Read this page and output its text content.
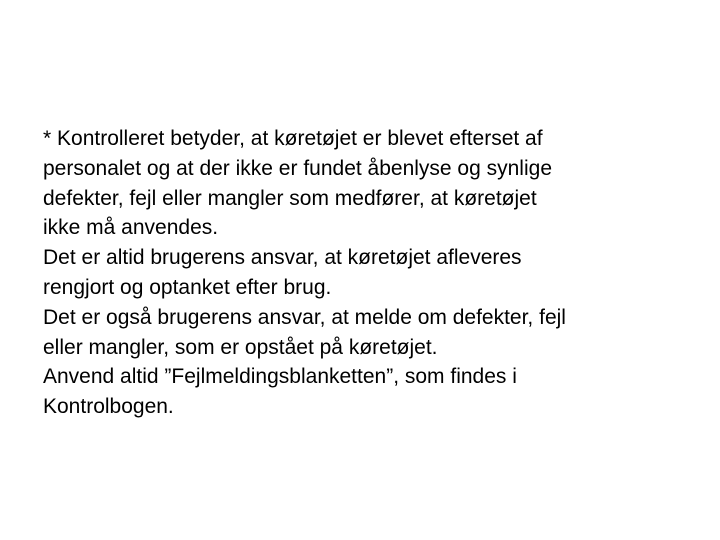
* Kontrolleret betyder, at køretøjet er blevet efterset af
personalet og at der ikke er fundet åbenlyse og synlige
defekter, fejl eller mangler som medfører, at køretøjet
ikke må anvendes.
Det er altid brugerens ansvar, at køretøjet afleveres
rengjort og optanket efter brug.
Det er også brugerens ansvar, at melde om defekter, fejl
eller mangler, som er opstået på køretøjet.
Anvend altid ”Fejlmeldingsblanketten”, som findes i
Kontrolbogen.
